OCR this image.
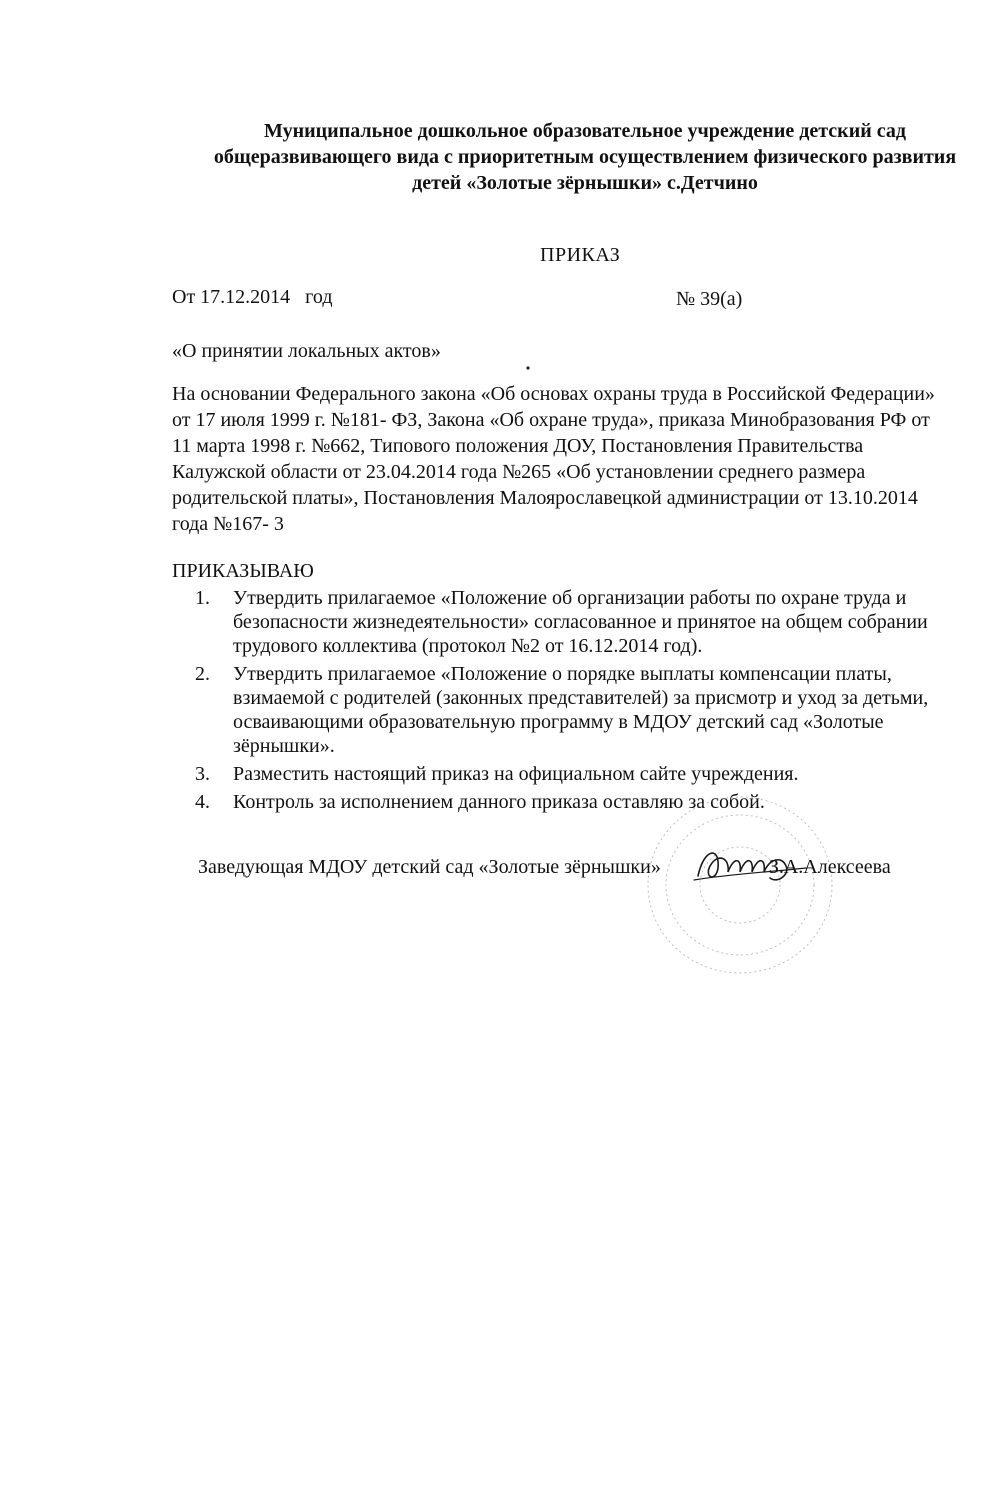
Муниципальное дошкольное образовательное учреждение детский сад
общеразвивающего вида с приоритетным осуществлением физического развития
детей «Золотые зёрнышки» с.Детчино
ПРИКАЗ
От 17.12.2014   год	№ 39(а)
«О принятии локальных актов»
На основании Федерального закона «Об основах охраны труда в Российской Федерации»
от 17 июля 1999 г. №181- ФЗ, Закона «Об охране труда», приказа Минобразования РФ от
11 марта 1998 г. №662, Типового положения ДОУ, Постановления Правительства
Калужской области от 23.04.2014 года №265 «Об установлении среднего размера
родительской платы», Постановления Малоярославецкой администрации от 13.10.2014
года №167- 3
ПРИКАЗЫВАЮ
1. Утвердить прилагаемое «Положение об организации работы по охране труда и
безопасности жизнедеятельности» согласованное и принятое на общем собрании
трудового коллектива (протокол №2 от 16.12.2014 год).
2. Утвердить прилагаемое «Положение о порядке выплаты компенсации платы,
взимаемой с родителей (законных представителей) за присмотр и уход за детьми,
осваивающими образовательную программу в МДОУ детский сад «Золотые
зёрнышки».
3. Разместить настоящий приказ на официальном сайте учреждения.
4. Контроль за исполнением данного приказа оставляю за собой.
Заведующая МДОУ детский сад «Золотые зёрнышки»	З.А.Алексеева
